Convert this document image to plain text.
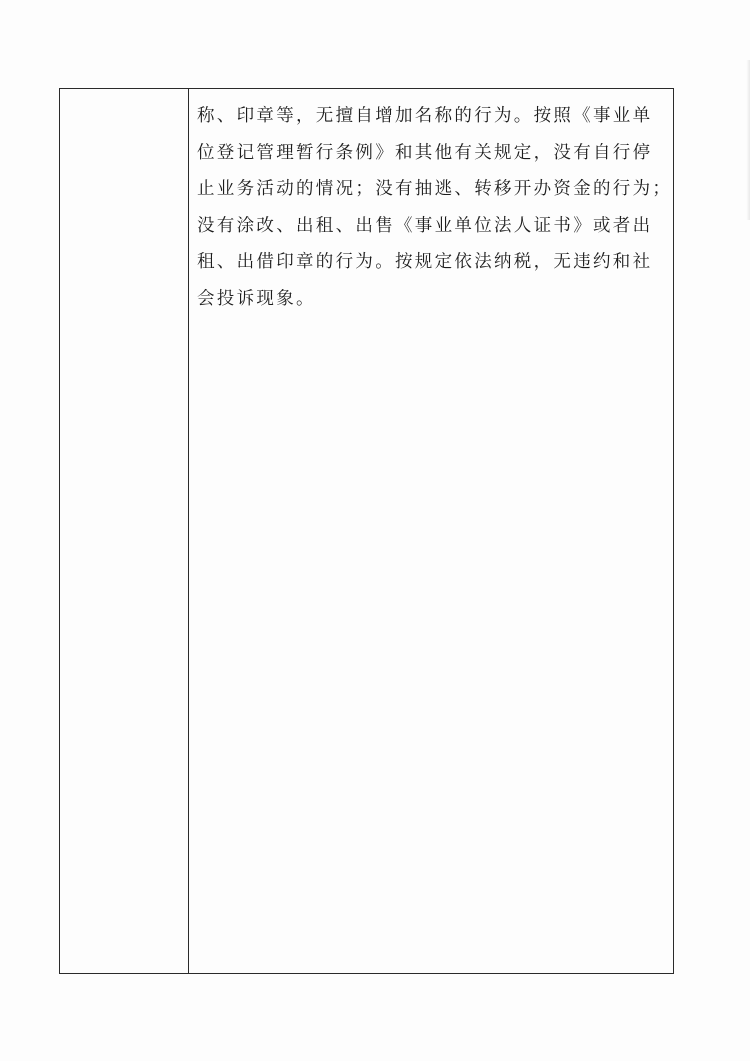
称、印章等，无擅自增加名称的行为。按照《事业单
位登记管理暂行条例》和其他有关规定，没有自行停
止业务活动的情况；没有抽逃、转移开办资金的行为；
没有涂改、出租、出售《事业单位法人证书》或者出
租、出借印章的行为。按规定依法纳税，无违约和社
会投诉现象。
